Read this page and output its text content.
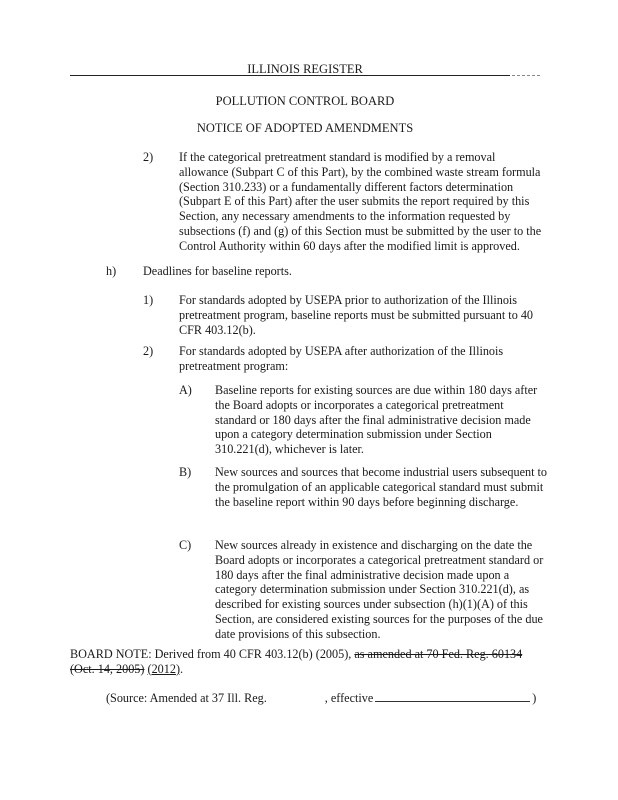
ILLINOIS REGISTER
POLLUTION CONTROL BOARD
NOTICE OF ADOPTED AMENDMENTS
2) If the categorical pretreatment standard is modified by a removal allowance (Subpart C of this Part), by the combined waste stream formula (Section 310.233) or a fundamentally different factors determination (Subpart E of this Part) after the user submits the report required by this Section, any necessary amendments to the information requested by subsections (f) and (g) of this Section must be submitted by the user to the Control Authority within 60 days after the modified limit is approved.
h) Deadlines for baseline reports.
1) For standards adopted by USEPA prior to authorization of the Illinois pretreatment program, baseline reports must be submitted pursuant to 40 CFR 403.12(b).
2) For standards adopted by USEPA after authorization of the Illinois pretreatment program:
A) Baseline reports for existing sources are due within 180 days after the Board adopts or incorporates a categorical pretreatment standard or 180 days after the final administrative decision made upon a category determination submission under Section 310.221(d), whichever is later.
B) New sources and sources that become industrial users subsequent to the promulgation of an applicable categorical standard must submit the baseline report within 90 days before beginning discharge.
C) New sources already in existence and discharging on the date the Board adopts or incorporates a categorical pretreatment standard or 180 days after the final administrative decision made upon a category determination submission under Section 310.221(d), as described for existing sources under subsection (h)(1)(A) of this Section, are considered existing sources for the purposes of the due date provisions of this subsection.
BOARD NOTE: Derived from 40 CFR 403.12(b) (2005), as amended at 70 Fed. Reg. 60134
(Oct. 14, 2005) (2012).
(Source: Amended at 37 Ill. Reg.	, effective	)
